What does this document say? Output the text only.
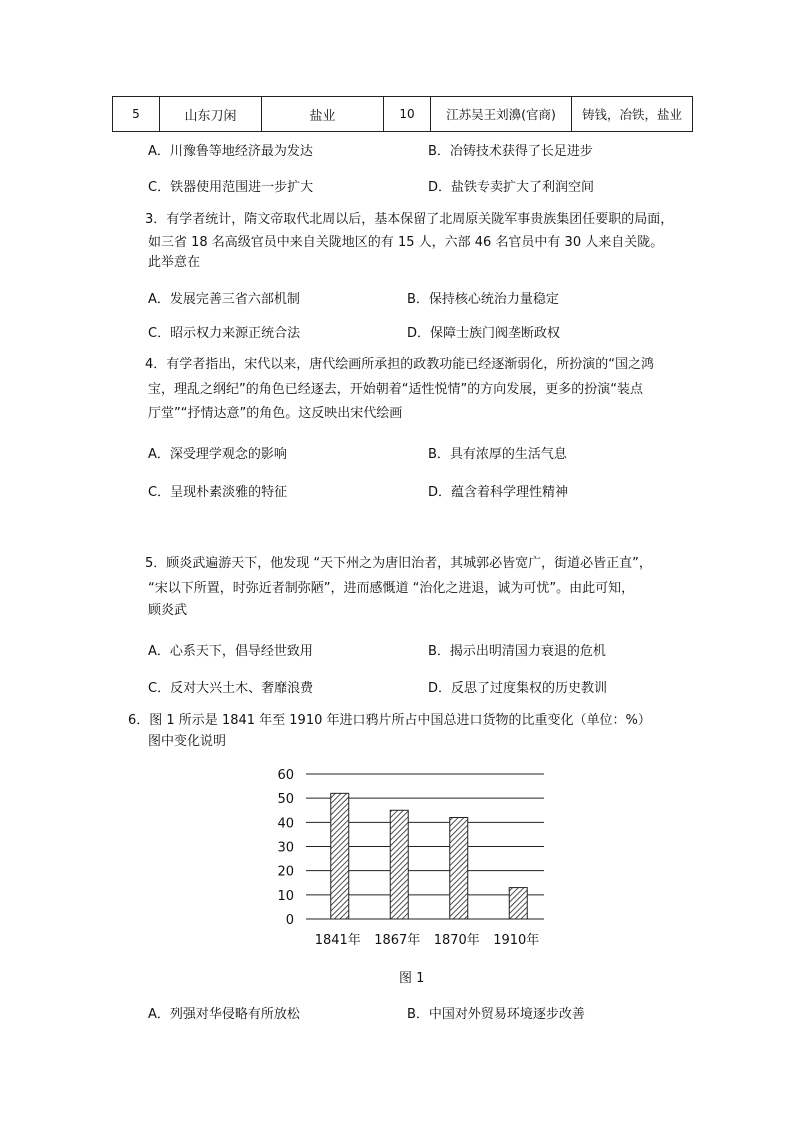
5	山东刀闲	盐业	10	江苏吴王刘濞(官商)	铸钱，冶铁，盐业
A．川豫鲁等地经济最为发达	B．冶铸技术获得了长足进步
C．铁器使用范围进一步扩大	D．盐铁专卖扩大了利润空间
3．有学者统计，隋文帝取代北周以后，基本保留了北周原关陇军事贵族集团任要职的局面，
如三省 18 名高级官员中来自关陇地区的有 15 人，六部 46 名官员中有 30 人来自关陇。
此举意在
A．发展完善三省六部机制	B．保持核心统治力量稳定
C．昭示权力来源正统合法	D．保障士族门阀垄断政权
4．有学者指出，宋代以来，唐代绘画所承担的政教功能已经逐渐弱化，所扮演的“国之鸿
宝，理乱之纲纪”的角色已经逐去，开始朝着“适性悦情”的方向发展，更多的扮演“装点
厅堂”“抒情达意”的角色。这反映出宋代绘画
A．深受理学观念的影响	B．具有浓厚的生活气息
C．呈现朴素淡雅的特征	D．蕴含着科学理性精神
5．顾炎武遍游天下，他发现 “天下州之为唐旧治者，其城郭必皆宽广，街道必皆正直”，
“宋以下所置，时弥近者制弥陋”，进而感慨道 “治化之进退，诚为可忧”。由此可知，
顾炎武
A．心系天下，倡导经世致用	B．揭示出明清国力衰退的危机
C．反对大兴土木、奢靡浪费	D．反思了过度集权的历史教训
6．图 1 所示是 1841 年至 1910 年进口鸦片所占中国总进口货物的比重变化（单位：%）
图中变化说明
0
10
20
30
40
50
60
1841年 1867年 1870年 1910年
图 1
A．列强对华侵略有所放松	B．中国对外贸易环境逐步改善
